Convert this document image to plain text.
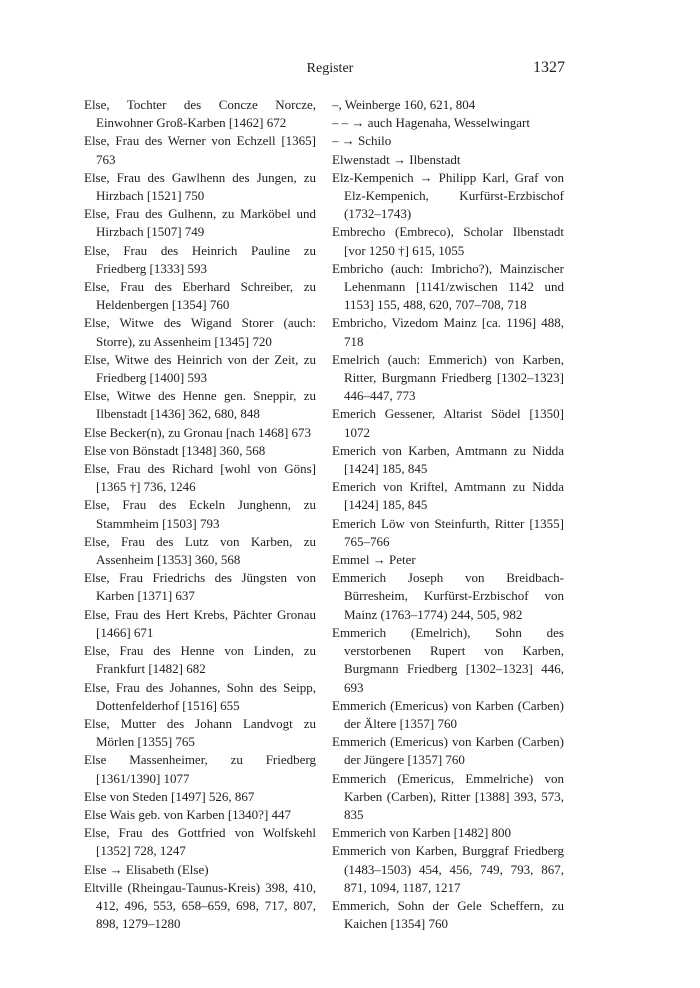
Register	1327

Else, Tochter des Concze Norcze, Einwohner Groß-Karben [1462] 672

Else, Frau des Werner von Echzell [1365] 763

Else, Frau des Gawlhenn des Jungen, zu Hirzbach [1521] 750

Else, Frau des Gulhenn, zu Marköbel und Hirzbach [1507] 749

Else, Frau des Heinrich Pauline zu Friedberg [1333] 593

Else, Frau des Eberhard Schreiber, zu Heldenbergen [1354] 760

Else, Witwe des Wigand Storer (auch: Storre), zu Assenheim [1345] 720

Else, Witwe des Heinrich von der Zeit, zu Friedberg [1400] 593

Else, Witwe des Henne gen. Sneppir, zu Ilbenstadt [1436] 362, 680, 848

Else Becker(n), zu Gronau [nach 1468] 673

Else von Bönstadt [1348] 360, 568

Else, Frau des Richard [wohl von Göns] [1365 †] 736, 1246

Else, Frau des Eckeln Junghenn, zu Stammheim [1503] 793

Else, Frau des Lutz von Karben, zu Assenheim [1353] 360, 568

Else, Frau Friedrichs des Jüngsten von Karben [1371] 637

Else, Frau des Hert Krebs, Pächter Gronau [1466] 671

Else, Frau des Henne von Linden, zu Frankfurt [1482] 682

Else, Frau des Johannes, Sohn des Seipp, Dottenfelderhof [1516] 655

Else, Mutter des Johann Landvogt zu Mörlen [1355] 765

Else Massenheimer, zu Friedberg [1361/1390] 1077

Else von Steden [1497] 526, 867

Else Wais geb. von Karben [1340?] 447

Else, Frau des Gottfried von Wolfskehl [1352] 728, 1247

Else → Elisabeth (Else)

Eltville (Rheingau-Taunus-Kreis) 398, 410, 412, 496, 553, 658–659, 698, 717, 807, 898, 1279–1280

–, Weinberge 160, 621, 804

– – → auch Hagenaha, Wesselwingart

– → Schilo

Elwenstadt → Ilbenstadt

Elz-Kempenich → Philipp Karl, Graf von Elz-Kempenich, Kurfürst-Erzbischof (1732–1743)

Embrecho (Embreco), Scholar Ilbenstadt [vor 1250 †] 615, 1055

Embricho (auch: Imbricho?), Mainzischer Lehenmann [1141/zwischen 1142 und 1153] 155, 488, 620, 707–708, 718

Embricho, Vizedom Mainz [ca. 1196] 488, 718

Emelrich (auch: Emmerich) von Karben, Ritter, Burgmann Friedberg [1302–1323] 446–447, 773

Emerich Gessener, Altarist Södel [1350] 1072

Emerich von Karben, Amtmann zu Nidda [1424] 185, 845

Emerich von Kriftel, Amtmann zu Nidda [1424] 185, 845

Emerich Löw von Steinfurth, Ritter [1355] 765–766

Emmel → Peter

Emmerich Joseph von Breidbach-Bürresheim, Kurfürst-Erzbischof von Mainz (1763–1774) 244, 505, 982

Emmerich (Emelrich), Sohn des verstorbenen Rupert von Karben, Burgmann Friedberg [1302–1323] 446, 693

Emmerich (Emericus) von Karben (Carben) der Ältere [1357] 760

Emmerich (Emericus) von Karben (Carben) der Jüngere [1357] 760

Emmerich (Emericus, Emmelriche) von Karben (Carben), Ritter [1388] 393, 573, 835

Emmerich von Karben [1482] 800

Emmerich von Karben, Burggraf Friedberg (1483–1503) 454, 456, 749, 793, 867, 871, 1094, 1187, 1217

Emmerich, Sohn der Gele Scheffern, zu Kaichen [1354] 760
